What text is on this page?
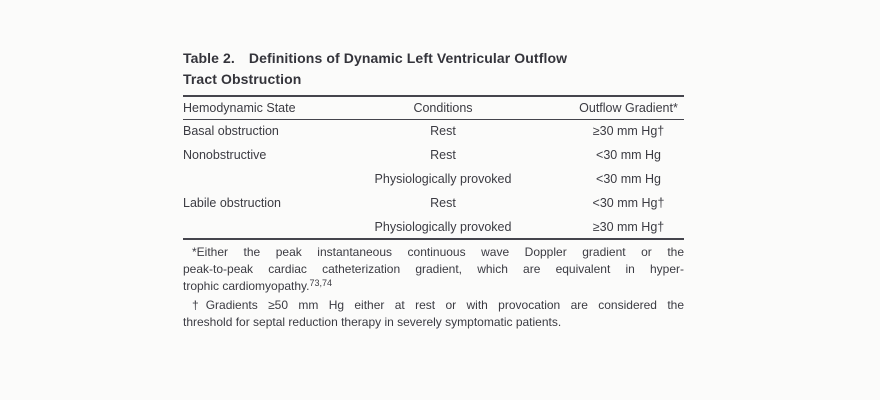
Table 2. Definitions of Dynamic Left Ventricular Outflow
Tract Obstruction
Hemodynamic State	Conditions	Outflow Gradient*
Basal obstruction	Rest	≥30 mm Hg†
Nonobstructive	Rest	<30 mm Hg
	Physiologically provoked	<30 mm Hg
Labile obstruction	Rest	<30 mm Hg†
	Physiologically provoked	≥30 mm Hg†
*Either the peak instantaneous continuous wave Doppler gradient or the
peak-to-peak cardiac catheterization gradient, which are equivalent in hyper-
trophic cardiomyopathy.$^{73,74}$
†Gradients ≥50 mm Hg either at rest or with provocation are considered the
threshold for septal reduction therapy in severely symptomatic patients.
